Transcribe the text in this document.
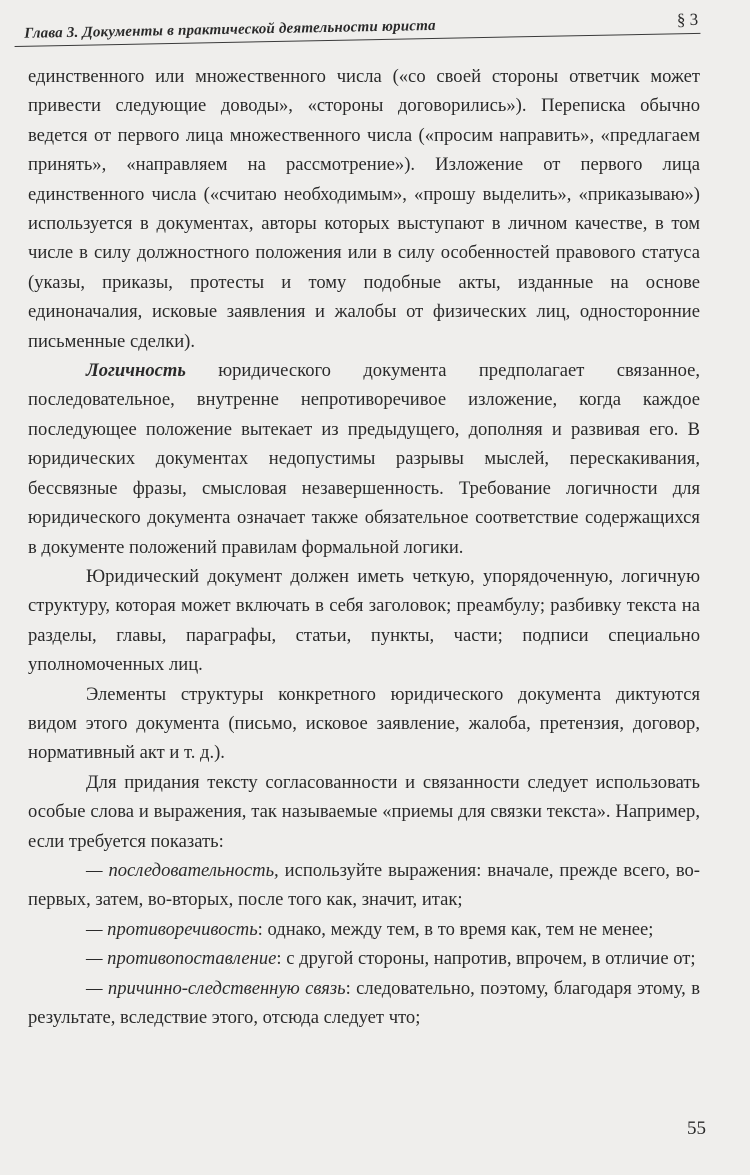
Глава 3. Документы в практической деятельности юриста	§ 3

единственного или множественного числа («со своей стороны ответчик может привести следующие доводы», «стороны договорились»). Переписка обычно ведется от первого лица множественного числа («просим направить», «предлагаем принять», «направляем на рассмотрение»). Изложение от первого лица единственного числа («считаю необходимым», «прошу выделить», «приказываю») используется в документах, авторы которых выступают в личном качестве, в том числе в силу должностного положения или в силу особенностей правового статуса (указы, приказы, протесты и тому подобные акты, изданные на основе единоначалия, исковые заявления и жалобы от физических лиц, односторонние письменные сделки).

Логичность юридического документа предполагает связанное, последовательное, внутренне непротиворечивое изложение, когда каждое последующее положение вытекает из предыдущего, дополняя и развивая его. В юридических документах недопустимы разрывы мыслей, перескакивания, бессвязные фразы, смысловая незавершенность. Требование логичности для юридического документа означает также обязательное соответствие содержащихся в документе положений правилам формальной логики.

Юридический документ должен иметь четкую, упорядоченную, логичную структуру, которая может включать в себя заголовок; преамбулу; разбивку текста на разделы, главы, параграфы, статьи, пункты, части; подписи специально уполномоченных лиц.

Элементы структуры конкретного юридического документа диктуются видом этого документа (письмо, исковое заявление, жалоба, претензия, договор, нормативный акт и т. д.).

Для придания тексту согласованности и связанности следует использовать особые слова и выражения, так называемые «приемы для связки текста». Например, если требуется показать:

— последовательность, используйте выражения: вначале, прежде всего, во-первых, затем, во-вторых, после того как, значит, итак;

— противоречивость: однако, между тем, в то время как, тем не менее;

— противопоставление: с другой стороны, напротив, впрочем, в отличие от;

— причинно-следственную связь: следовательно, поэтому, благодаря этому, в результате, вследствие этого, отсюда следует что;

55
